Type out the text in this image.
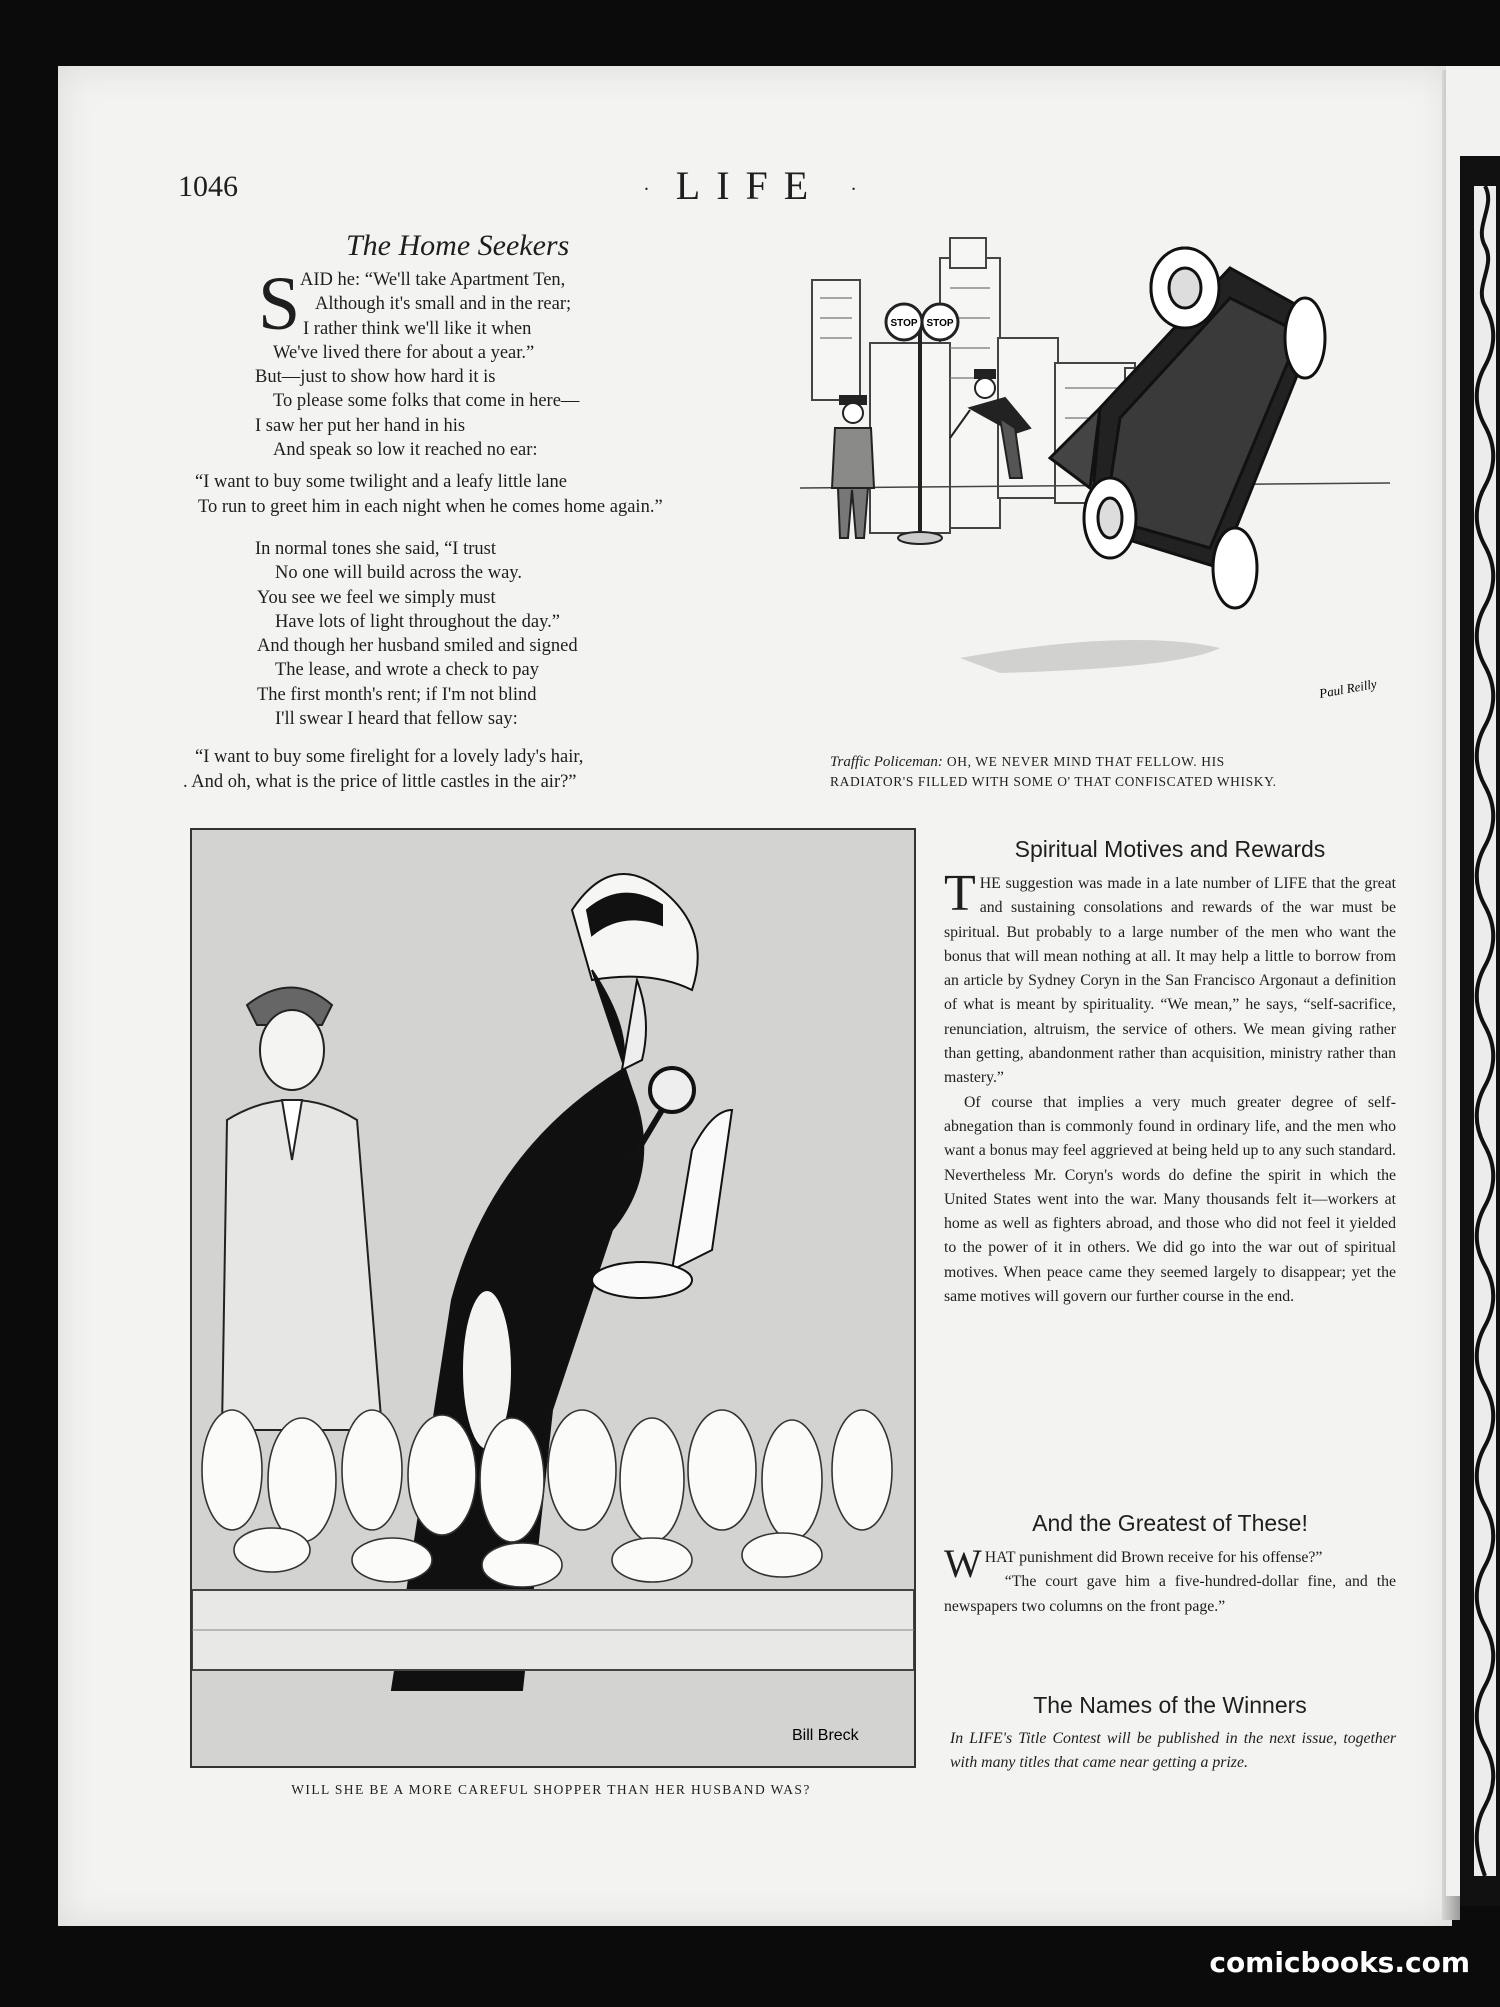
1046	· LIFE ·
The Home Seekers
S AID he: “We'll take Apartment Ten,
Although it's small and in the rear;
I rather think we'll like it when
We've lived there for about a year.”
But—just to show how hard it is
To please some folks that come in here—
I saw her put her hand in his
And speak so low it reached no ear:
“I want to buy some twilight and a leafy little lane
To run to greet him in each night when he comes home again.”
In normal tones she said, “I trust
No one will build across the way.
You see we feel we simply must
Have lots of light throughout the day.”
And though her husband smiled and signed
The lease, and wrote a check to pay
The first month's rent; if I'm not blind
I'll swear I heard that fellow say:
“I want to buy some firelight for a lovely lady's hair,
. And oh, what is the price of little castles in the air?”
STOP STOP
Paul Reilly
Traffic Policeman: OH, WE NEVER MIND THAT FELLOW. HIS
RADIATOR'S FILLED WITH SOME O' THAT CONFISCATED WHISKY.
Bill Breck
WILL SHE BE A MORE CAREFUL SHOPPER THAN HER HUSBAND WAS?
Spiritual Motives and Rewards

THE suggestion was made in a late number of LIFE that the great and sustaining consolations and rewards of the war must be spiritual. But probably to a large number of the men who want the bonus that will mean nothing at all. It may help a little to borrow from an article by Sydney Coryn in the San Francisco Argonaut a definition of what is meant by spirituality. “We mean,” he says, “self-sacrifice, renunciation, altruism, the service of others. We mean giving rather than getting, abandonment rather than acquisition, ministry rather than mastery.”

Of course that implies a very much greater degree of self-abnegation than is commonly found in ordinary life, and the men who want a bonus may feel aggrieved at being held up to any such standard. Nevertheless Mr. Coryn's words do define the spirit in which the United States went into the war. Many thousands felt it—workers at home as well as fighters abroad, and those who did not feel it yielded to the power of it in others. We did go into the war out of spiritual motives. When peace came they seemed largely to disappear; yet the same motives will govern our further course in the end.

And the Greatest of These!

WHAT punishment did Brown receive for his offense?”

“The court gave him a five-hundred-dollar fine, and the newspapers two columns on the front page.”

The Names of the Winners
In LIFE's Title Contest will be published in the next issue, together with many titles that came near getting a prize.
comicbooks.com
